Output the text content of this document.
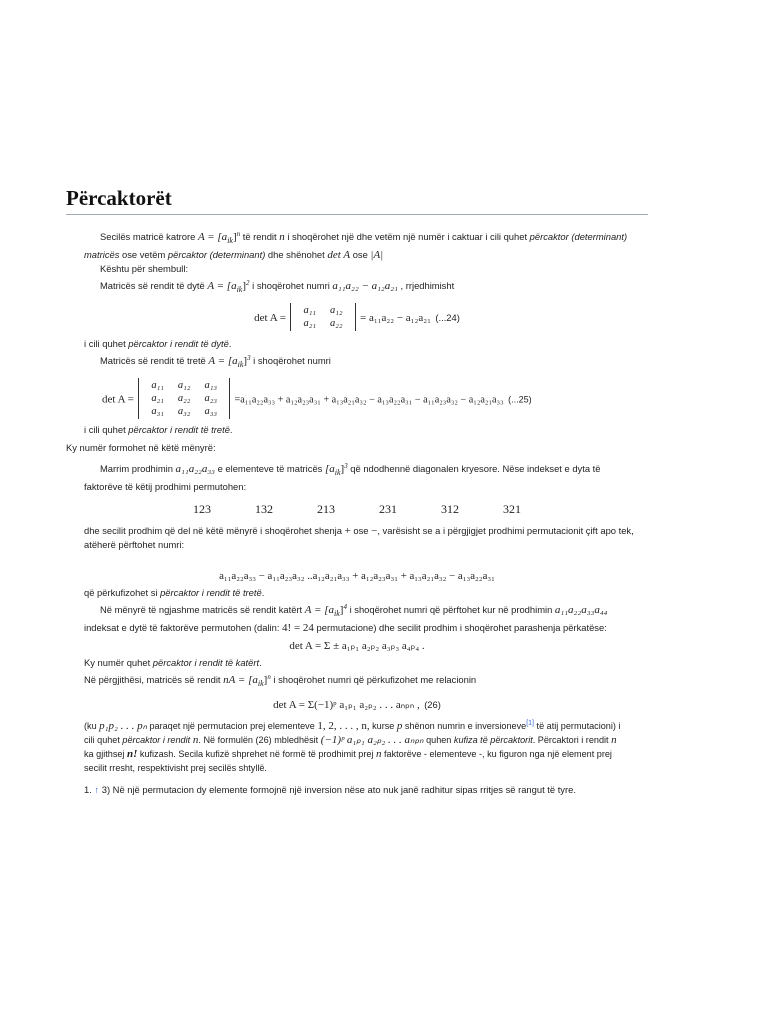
Përcaktorët

Secilës matricë katrore A = [aik]$^n$ të rendit n i shoqërohet një dhe vetëm një numër i caktuar i cili quhet përcaktor (determinant)

matricës ose vetëm përcaktor (determinant) dhe shënohet det A ose |A|

Kështu për shembull:

Matricës së rendit të dytë A = [aik]$^2$ i shoqërohet numri a₁₁a₂₂ − a₁₂a₂₁ , rrjedhimisht

det A =
a₁₁	a₁₂
a₂₁	a₂₂ = a₁₁a₂₂ − a₁₂a₂₁ (...24)

i cili quhet përcaktor i rendit të dytë.

Matricës së rendit të tretë A = [aik]$^3$ i shoqërohet numri

det A =
a₁₁	a₁₂	a₁₃
a₂₁	a₂₂	a₂₃
a₃₁	a₃₂	a₃₃
=a₁₁a₂₂a₃₃ + a₁₂a₂₃a₃₁ + a₁₃a₂₁a₃₂ − a₁₃a₂₂a₃₁ − a₁₁a₂₃a₃₂ − a₁₂a₂₁a₃₃ (...25)

i cili quhet përcaktor i rendit të tretë.

Ky numër formohet në këtë mënyrë:

Marrim prodhimin a₁₁a₂₂a₃₃ e elementeve të matricës [aik]$^3$ që ndodhennë diagonalen kryesore. Nëse indekset e dyta të

faktorëve të këtij prodhimi permutohen:

123	132	213	231	312	321

dhe secilit prodhim që del në këtë mënyrë i shoqërohet shenja + ose −, varësisht se a i përgjigjet prodhimi permutacionit çift apo tek,

atëherë përftohet numri:

a₁₁a₂₂a₃₃ − a₁₁a₂₃a₃₂ ..a₁₂a₂₁a₃₃ + a₁₂a₂₃a₃₁ + a₁₃a₂₁a₃₂ − a₁₃a₂₂a₃₁

që përkufizohet si përcaktor i rendit të tretë.

Në mënyrë të ngjashme matricës së rendit katërt A = [aik]$^4$ i shoqërohet numri që përftohet kur në prodhimin a₁₁a₂₂a₃₃a₄₄

indeksat e dytë të faktorëve permutohen (dalin: 4! = 24 permutacione) dhe secilit prodhim i shoqërohet parashenja përkatëse:

det A = Σ ± a₁ₚ₁ a₂ₚ₂ a₃ₚ₃ a₄ₚ₄ .

Ky numër quhet përcaktor i rendit të katërt.

Në përgjithësi, matricës së rendit nA = [aik]$^n$ i shoqërohet numri që përkufizohet me relacionin

det A = Σ(−1)ᵖ a₁ₚ₁ a₂ₚ₂ . . . aₙₚₙ , (26)

(ku p₁p₂ . . . pₙ paraqet një permutacion prej elementeve 1, 2, . . . , n, kurse p shënon numrin e inversioneve[1] të atij permutacioni) i

cili quhet përcaktor i rendit n. Në formulën (26) mbledhësit (−1)ᵖ a₁ₚ₁ a₂ₚ₂ . . . aₙₚₙ quhen kufiza të përcaktorit. Përcaktori i rendit n

ka gjithsej n! kufizash. Secila kufizë shprehet në formë të prodhimit prej n faktorëve - elementeve -, ku figuron nga një element prej

secilit rresht, respektivisht prej secilës shtyllë.

1. ↑ 3) Në një permutacion dy elemente formojnë një inversion nëse ato nuk janë radhitur sipas rritjes së rangut të tyre.
